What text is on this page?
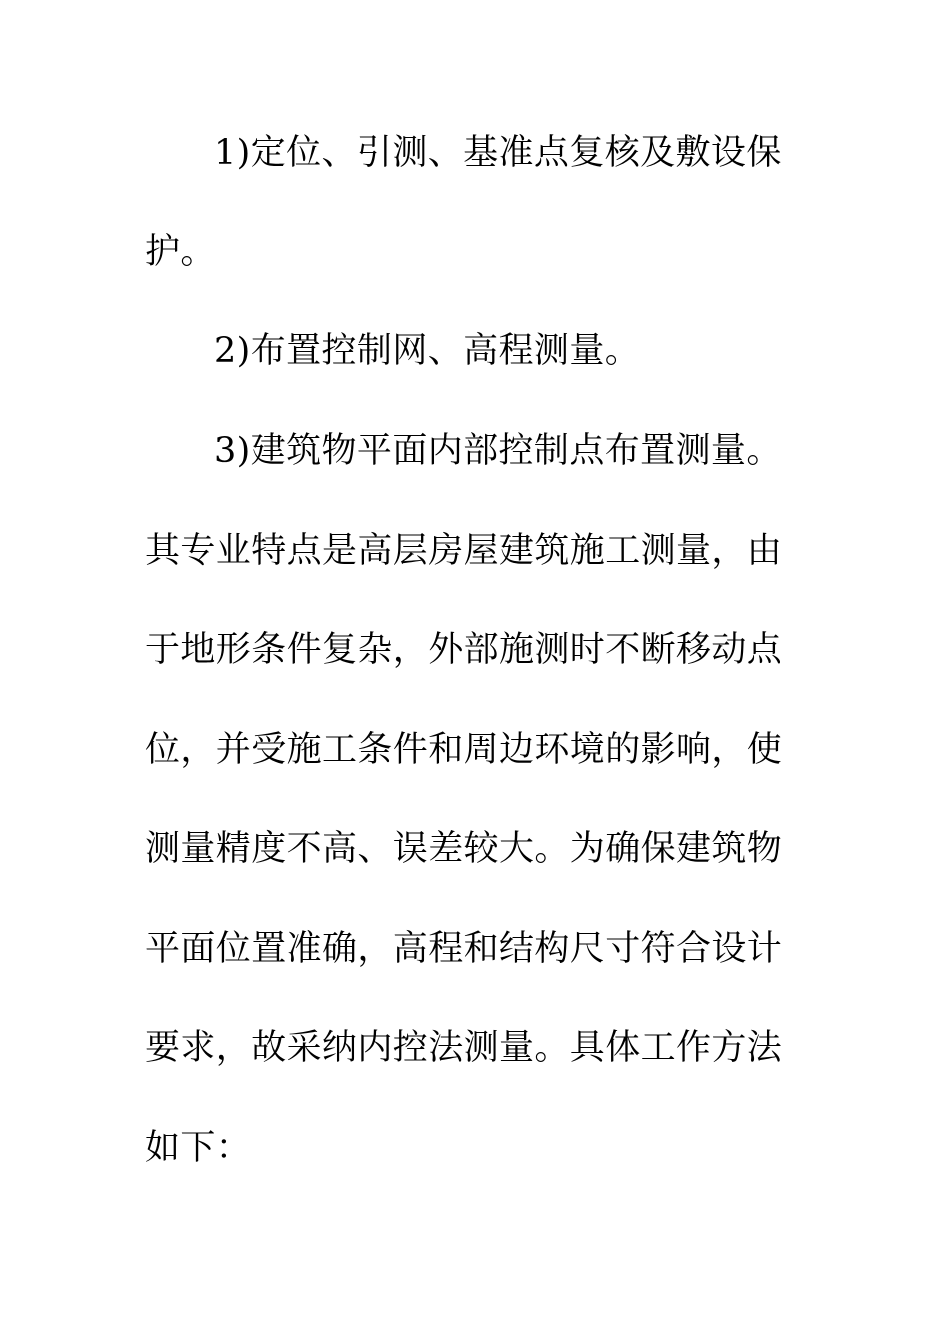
1)定位、引测、基准点复核及敷设保

护。

2)布置控制网、高程测量。

3)建筑物平面内部控制点布置测量。

其专业特点是高层房屋建筑施工测量，由

于地形条件复杂，外部施测时不断移动点

位，并受施工条件和周边环境的影响，使

测量精度不高、误差较大。为确保建筑物

平面位置准确，高程和结构尺寸符合设计

要求，故采纳内控法测量。具体工作方法

如下：
